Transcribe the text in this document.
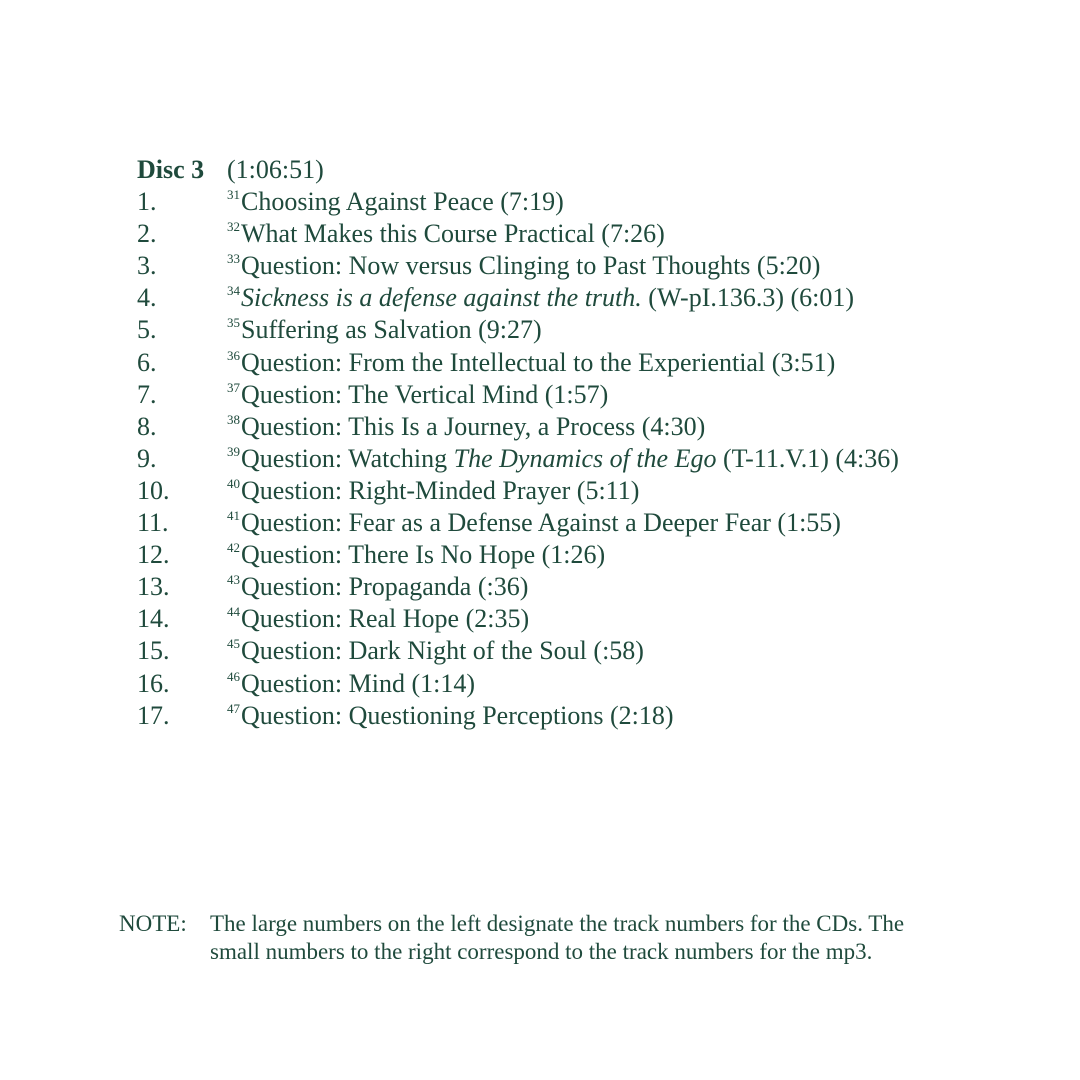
Disc 3 (1:06:51)
1.	$^{31}$Choosing Against Peace (7:19)
2.	$^{32}$What Makes this Course Practical (7:26)
3.	$^{33}$Question: Now versus Clinging to Past Thoughts (5:20)
4.	$^{34}$Sickness is a defense against the truth. (W-pI.136.3) (6:01)
5.	$^{35}$Suffering as Salvation (9:27)
6.	$^{36}$Question: From the Intellectual to the Experiential (3:51)
7.	$^{37}$Question: The Vertical Mind (1:57)
8.	$^{38}$Question: This Is a Journey, a Process (4:30)
9.	$^{39}$Question: Watching The Dynamics of the Ego (T-11.V.1) (4:36)
10.	$^{40}$Question: Right-Minded Prayer (5:11)
11.	$^{41}$Question: Fear as a Defense Against a Deeper Fear (1:55)
12.	$^{42}$Question: There Is No Hope (1:26)
13.	$^{43}$Question: Propaganda (:36)
14.	$^{44}$Question: Real Hope (2:35)
15.	$^{45}$Question: Dark Night of the Soul (:58)
16.	$^{46}$Question: Mind (1:14)
17.	$^{47}$Question: Questioning Perceptions (2:18)
NOTE: The large numbers on the left designate the track numbers for the CDs. The
small numbers to the right correspond to the track numbers for the mp3.
